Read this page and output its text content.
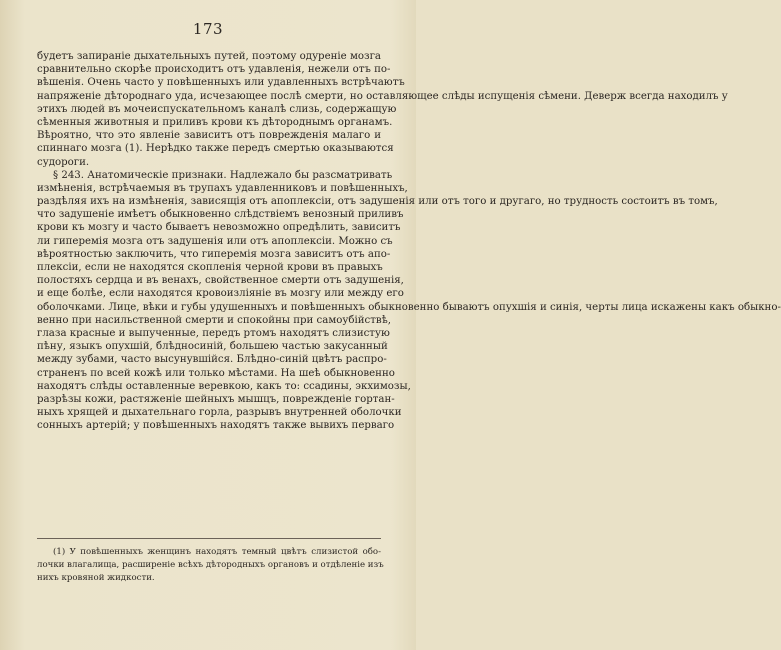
173
будетъ запираніе дыхательныхъ путей, поэтому одуреніе мозга
сравнительно скорѣе происходитъ отъ удавленія, нежели отъ по-
вѣшенія. Очень часто у повѣшенныхъ или удавленныхъ встрѣчаютъ
напряженіе дѣтороднаго уда, исчезающее послѣ смерти, но оставляющее слѣды испущенія сѣмени. Деверж всегда находилъ у
этихъ людей въ мочеиспускательномъ каналѣ слизь, содержащую
сѣменныя животныя и приливъ крови къ дѣтороднымъ органамъ.
Вѣроятно, что это явленіе зависитъ отъ поврежденія малаго и
спиннаго мозга (1). Нерѣдко также передъ смертью оказываются
судороги.
§ 243. Анатомическіе признаки. Надлежало бы разсматривать
измѣненія, встрѣчаемыя въ трупахъ удавленниковъ и повѣшенныхъ,
раздѣляя ихъ на измѣненія, зависящія отъ апоплексіи, отъ задушенія или отъ того и другаго, но трудность состоитъ въ томъ,
что задушеніе имѣетъ обыкновенно слѣдствіемъ венозный приливъ
крови къ мозгу и часто бываетъ невозможно опредѣлить, зависитъ
ли гиперемія мозга отъ задушенія или отъ апоплексіи. Можно съ
вѣроятностью заключить, что гиперемія мозга зависитъ отъ апо-
плексіи, если не находятся скопленія черной крови въ правыхъ
полостяхъ сердца и въ венахъ, свойственное смерти отъ задушенія,
и еще болѣе, если находятся кровоизліяніе въ мозгу или между его
оболочками. Лице, вѣки и губы удушенныхъ и повѣшенныхъ обыкновенно бываютъ опухшія и синія, черты лица искажены какъ обыкно-
венно при насильственной смерти и спокойны при самоубійствѣ,
глаза красные и выпученные, передъ ртомъ находятъ слизистую
пѣну, языкъ опухшій, блѣдносиній, большею частью закусанный
между зубами, часто высунувшійся. Блѣдно-синій цвѣтъ распро-
страненъ по всей кожѣ или только мѣстами. На шеѣ обыкновенно
находятъ слѣды оставленные веревкою, какъ то: ссадины, экхимозы,
разрѣзы кожи, растяженіе шейныхъ мышцъ, поврежденіе гортан-
ныхъ хрящей и дыхательнаго горла, разрывъ внутренней оболочки
сонныхъ артерій; у повѣшенныхъ находятъ также вывихъ перваго
(1) У повѣшенныхъ женщинъ находятъ темный цвѣтъ слизистой обо-
лочки влагалища, расширеніе всѣхъ дѣтородныхъ органовъ и отдѣленіе изъ
нихъ кровяной жидкости.
